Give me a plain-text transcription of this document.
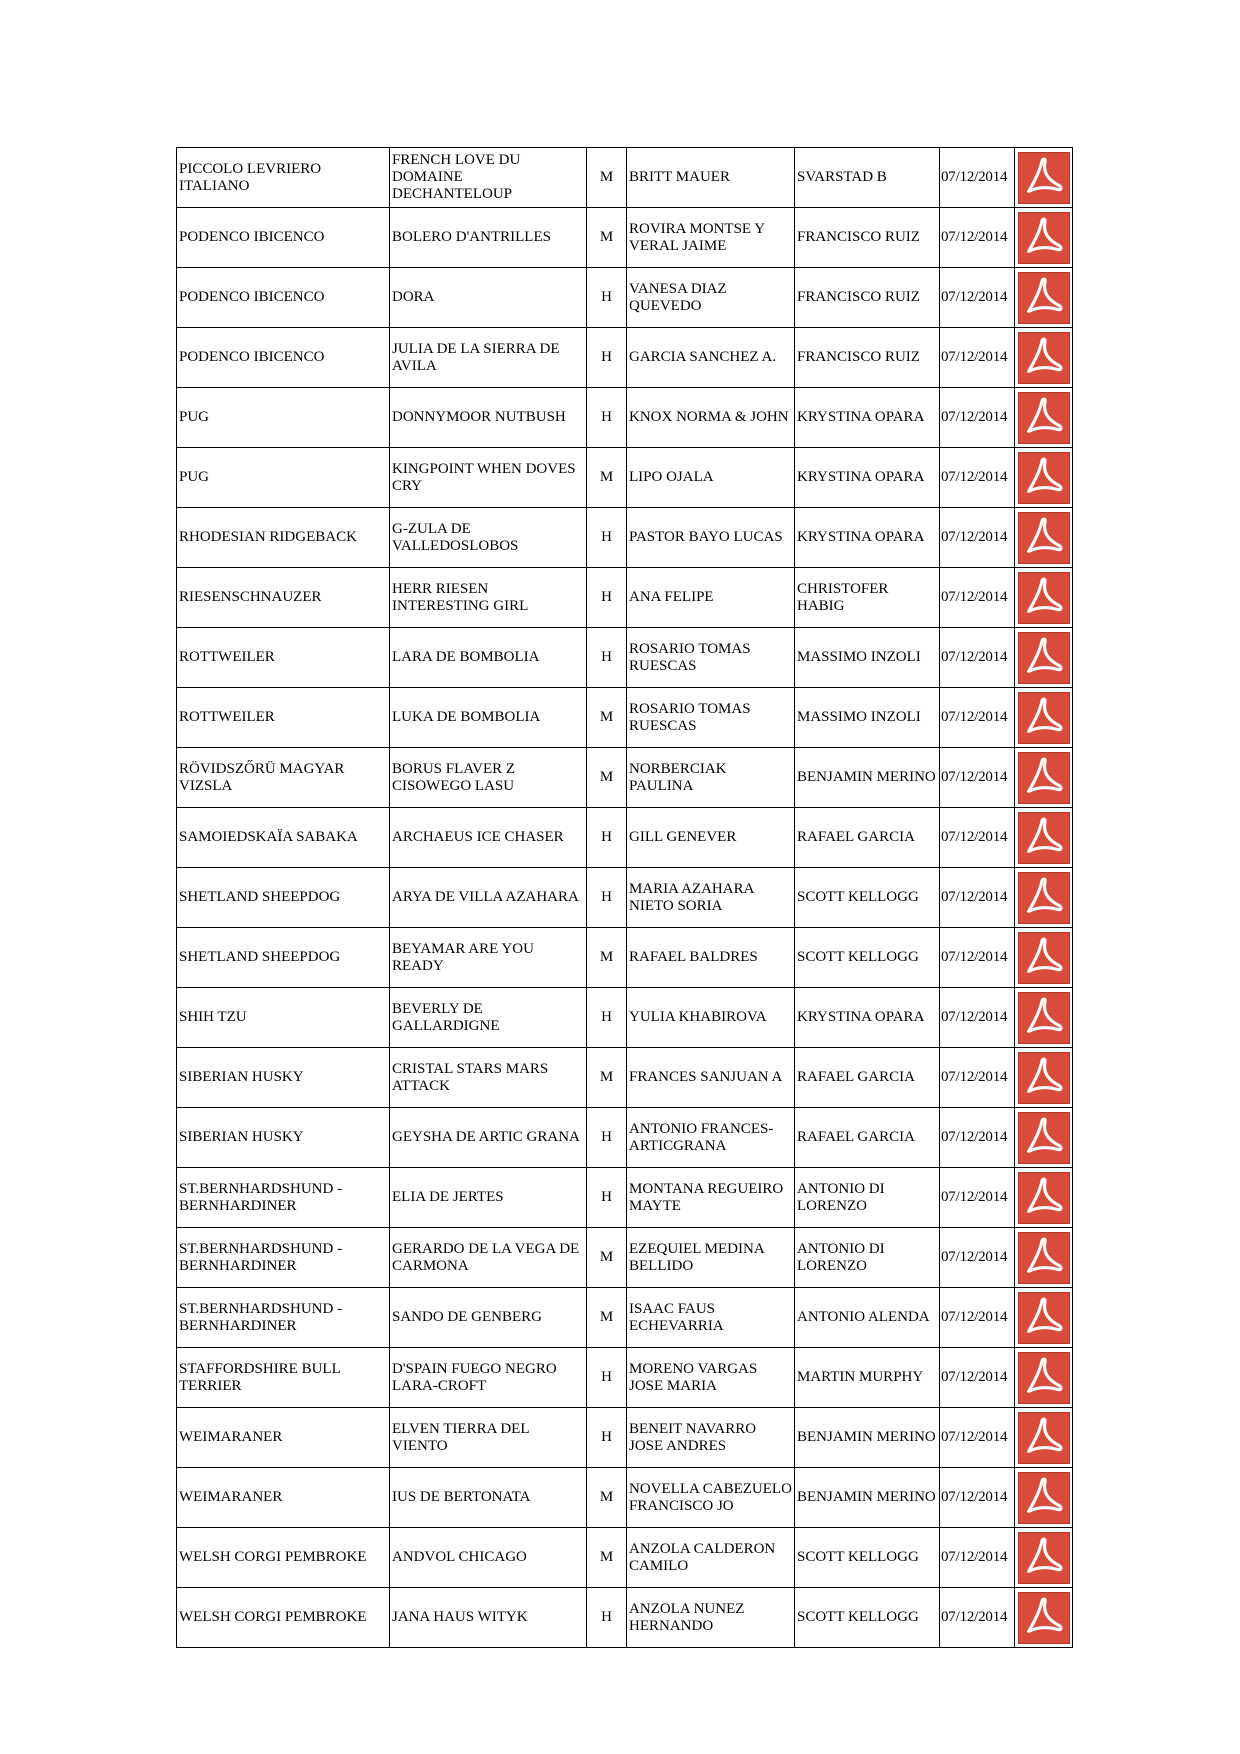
PICCOLO LEVRIERO ITALIANO	FRENCH LOVE DU DOMAINE DECHANTELOUP	M	BRITT MAUER	SVARSTAD B	07/12/2014	

PODENCO IBICENCO	BOLERO D'ANTRILLES	M	ROVIRA MONTSE Y VERAL JAIME	FRANCISCO RUIZ	07/12/2014	

PODENCO IBICENCO	DORA	H	VANESA DIAZ QUEVEDO	FRANCISCO RUIZ	07/12/2014	

PODENCO IBICENCO	JULIA DE LA SIERRA DE AVILA	H	GARCIA SANCHEZ A.	FRANCISCO RUIZ	07/12/2014	

PUG	DONNYMOOR NUTBUSH	H	KNOX NORMA & JOHN	KRYSTINA OPARA	07/12/2014	

PUG	KINGPOINT WHEN DOVES CRY	M	LIPO OJALA	KRYSTINA OPARA	07/12/2014	

RHODESIAN RIDGEBACK	G-ZULA DE VALLEDOSLOBOS	H	PASTOR BAYO LUCAS	KRYSTINA OPARA	07/12/2014	

RIESENSCHNAUZER	HERR RIESEN INTERESTING GIRL	H	ANA FELIPE	CHRISTOFER HABIG	07/12/2014	

ROTTWEILER	LARA DE BOMBOLIA	H	ROSARIO TOMAS RUESCAS	MASSIMO INZOLI	07/12/2014	

ROTTWEILER	LUKA DE BOMBOLIA	M	ROSARIO TOMAS RUESCAS	MASSIMO INZOLI	07/12/2014	

RÖVIDSZŐRÜ MAGYAR VIZSLA	BORUS FLAVER Z CISOWEGO LASU	M	NORBERCIAK PAULINA	BENJAMIN MERINO	07/12/2014	

SAMOIEDSKAÏA SABAKA	ARCHAEUS ICE CHASER	H	GILL GENEVER	RAFAEL GARCIA	07/12/2014	

SHETLAND SHEEPDOG	ARYA DE VILLA AZAHARA	H	MARIA AZAHARA NIETO SORIA	SCOTT KELLOGG	07/12/2014	

SHETLAND SHEEPDOG	BEYAMAR ARE YOU READY	M	RAFAEL BALDRES	SCOTT KELLOGG	07/12/2014	

SHIH TZU	BEVERLY DE GALLARDIGNE	H	YULIA KHABIROVA	KRYSTINA OPARA	07/12/2014	

SIBERIAN HUSKY	CRISTAL STARS MARS ATTACK	M	FRANCES SANJUAN A	RAFAEL GARCIA	07/12/2014	

SIBERIAN HUSKY	GEYSHA DE ARTIC GRANA	H	ANTONIO FRANCES-ARTICGRANA	RAFAEL GARCIA	07/12/2014	

ST.BERNHARDSHUND - BERNHARDINER	ELIA DE JERTES	H	MONTANA REGUEIRO MAYTE	ANTONIO DI LORENZO	07/12/2014	

ST.BERNHARDSHUND - BERNHARDINER	GERARDO DE LA VEGA DE CARMONA	M	EZEQUIEL MEDINA BELLIDO	ANTONIO DI LORENZO	07/12/2014	

ST.BERNHARDSHUND - BERNHARDINER	SANDO DE GENBERG	M	ISAAC FAUS ECHEVARRIA	ANTONIO ALENDA	07/12/2014	

STAFFORDSHIRE BULL TERRIER	D'SPAIN FUEGO NEGRO LARA-CROFT	H	MORENO VARGAS JOSE MARIA	MARTIN MURPHY	07/12/2014	

WEIMARANER	ELVEN TIERRA DEL VIENTO	H	BENEIT NAVARRO JOSE ANDRES	BENJAMIN MERINO	07/12/2014	

WEIMARANER	IUS DE BERTONATA	M	NOVELLA CABEZUELO FRANCISCO JO	BENJAMIN MERINO	07/12/2014	

WELSH CORGI PEMBROKE	ANDVOL CHICAGO	M	ANZOLA CALDERON CAMILO	SCOTT KELLOGG	07/12/2014	

WELSH CORGI PEMBROKE	JANA HAUS WITYK	H	ANZOLA NUNEZ HERNANDO	SCOTT KELLOGG	07/12/2014	
